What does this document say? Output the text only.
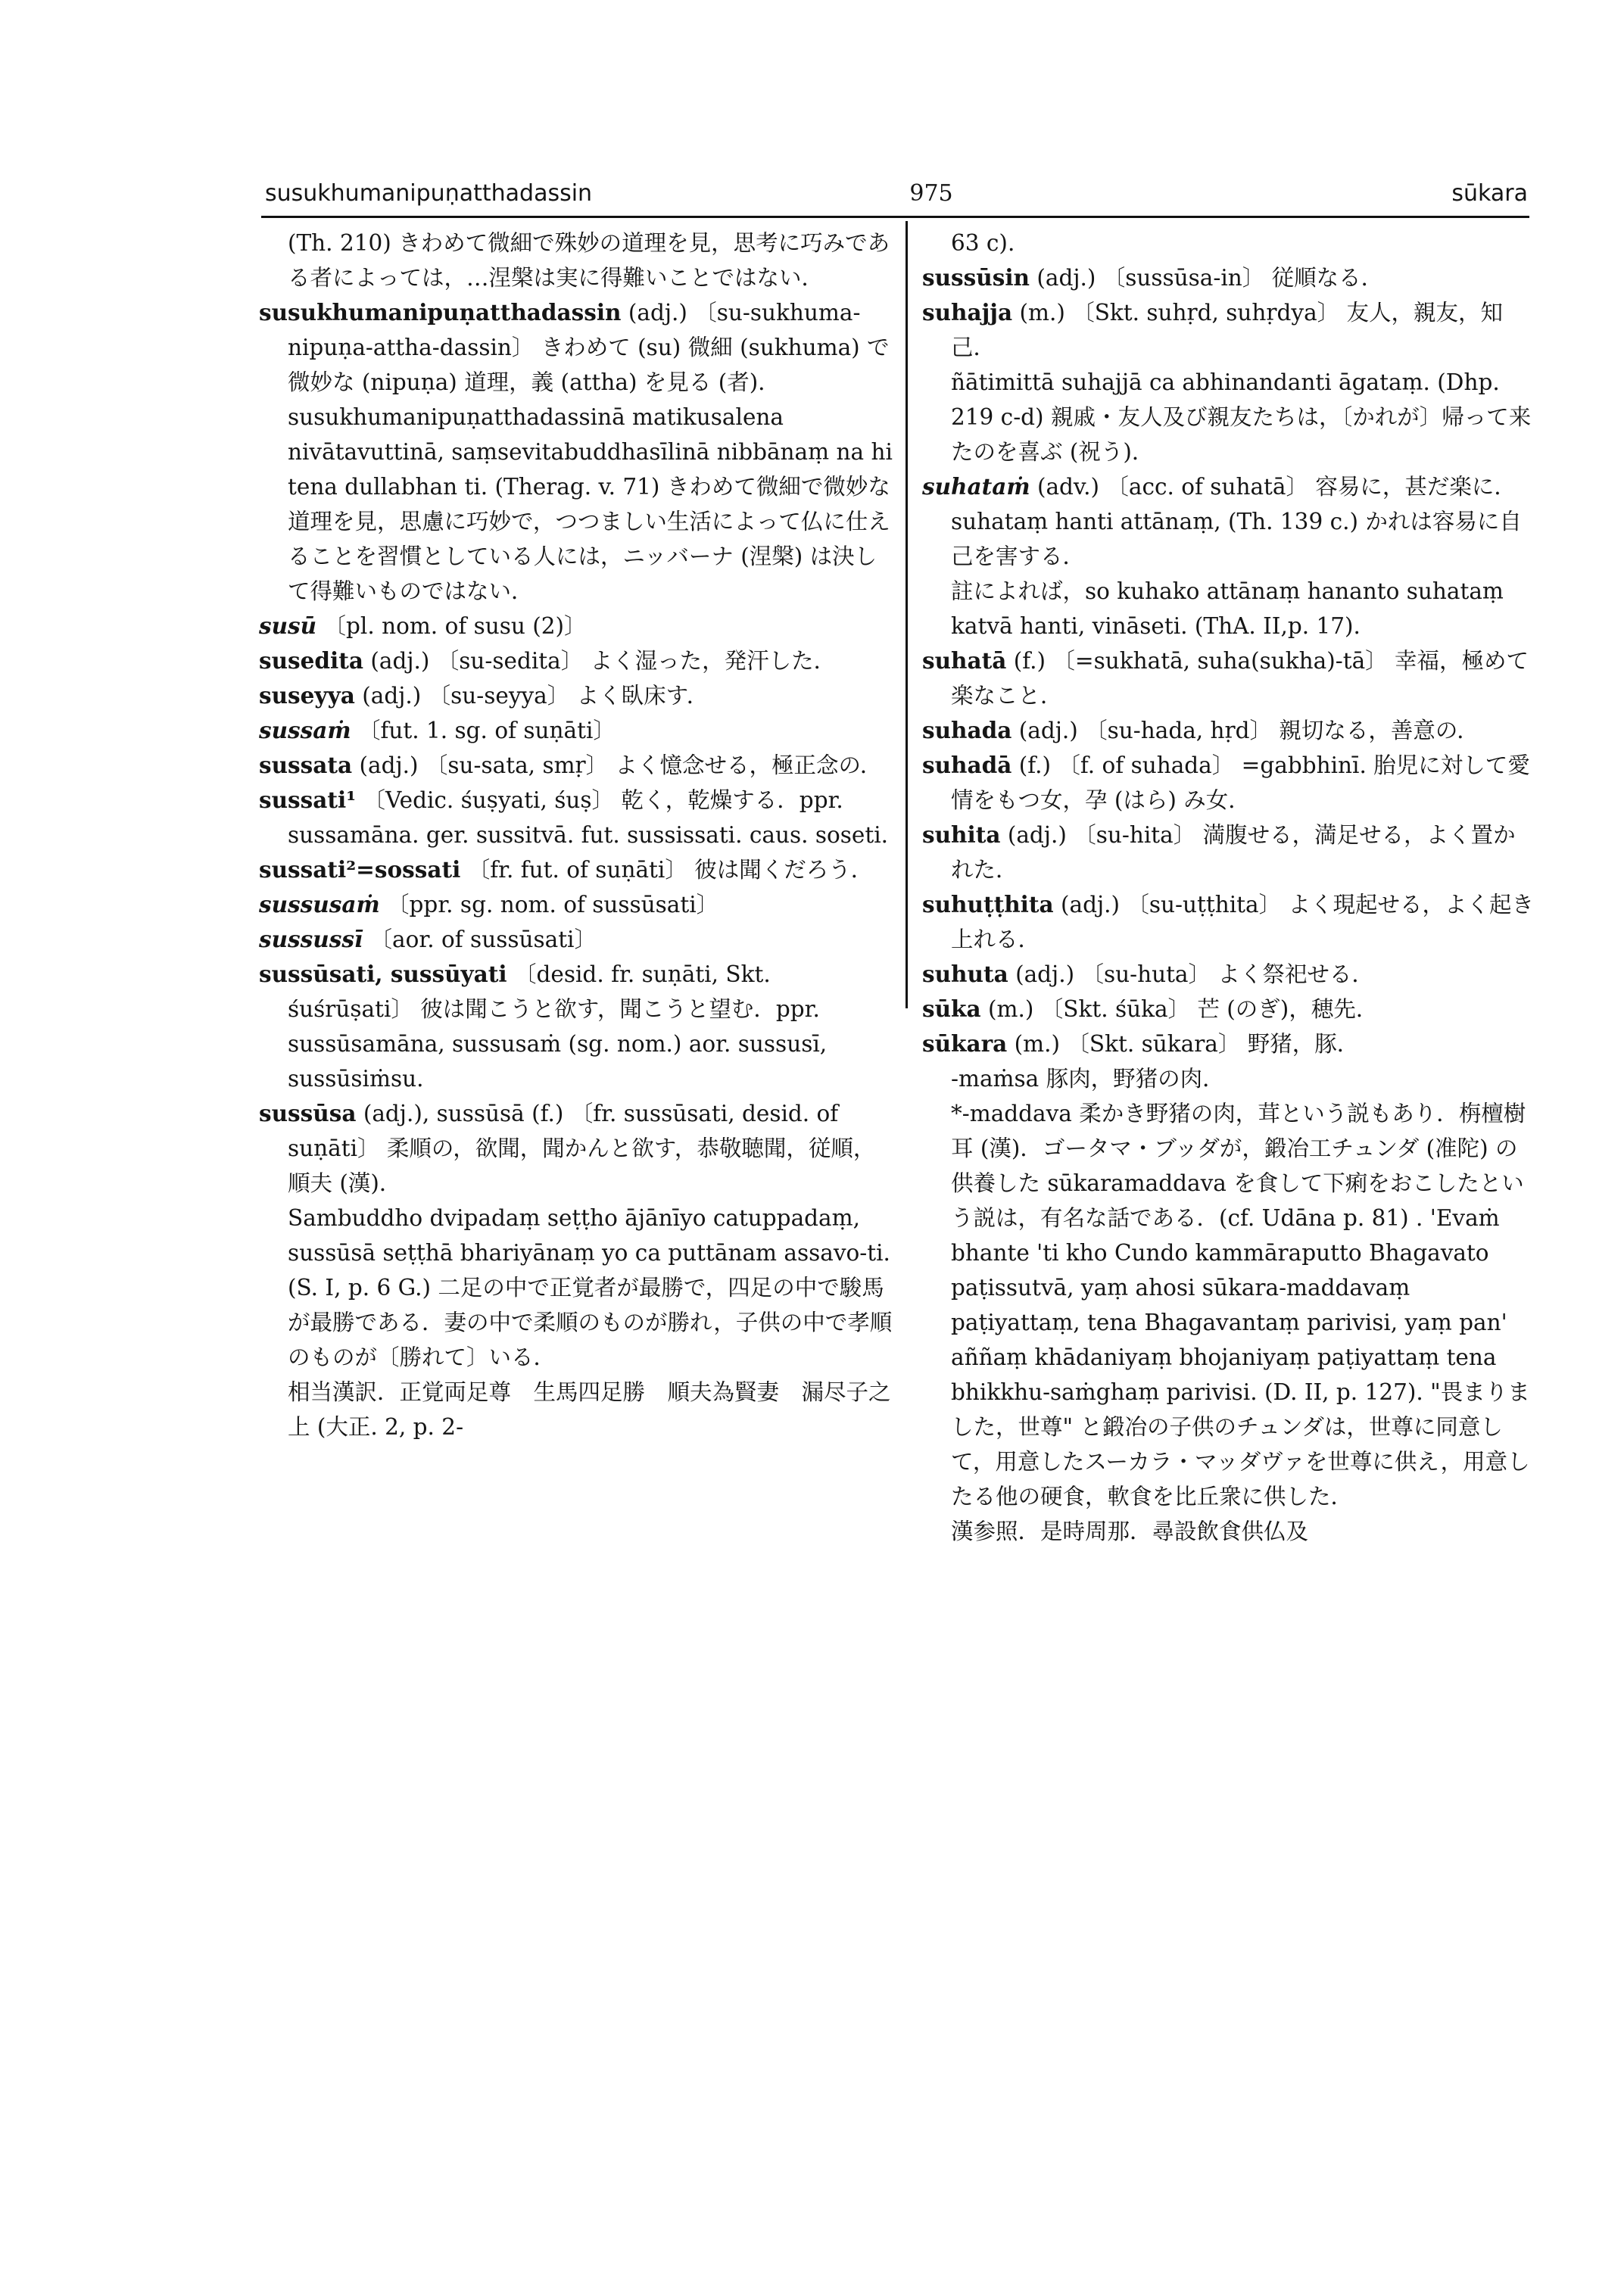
susukhumanipuṇatthadassin	975	sūkara

(Th. 210) きわめて微細で殊妙の道理を見，思考に巧みである者によっては，…涅槃は実に得難いことではない．

susukhumanipuṇatthadassin (adj.) 〔su-sukhuma-nipuṇa-attha-dassin〕 きわめて (su) 微細 (sukhuma) で微妙な (nipuṇa) 道理，義 (attha) を見る (者)．

susukhumanipuṇatthadassinā matikusalena nivātavuttinā, saṃsevitabuddhasīlinā nibbānaṃ na hi tena dullabhan ti. (Therag. v. 71) きわめて微細で微妙な道理を見，思慮に巧妙で，つつましい生活によって仏に仕えることを習慣としている人には，ニッバーナ (涅槃) は決して得難いものではない．

susū 〔pl. nom. of susu (2)〕

susedita (adj.) 〔su-sedita〕 よく湿った，発汗した．

suseyya (adj.) 〔su-seyya〕 よく臥床す．

sussaṁ 〔fut. 1. sg. of suṇāti〕

sussata (adj.) 〔su-sata, smṛ〕 よく憶念せる，極正念の．

sussati¹ 〔Vedic. śuṣyati, śuṣ〕 乾く，乾燥する．ppr. sussamāna. ger. sussitvā. fut. sussissati. caus. soseti.

sussati²=sossati 〔fr. fut. of suṇāti〕 彼は聞くだろう．

sussusaṁ 〔ppr. sg. nom. of sussūsati〕

sussussī 〔aor. of sussūsati〕

sussūsati, sussūyati 〔desid. fr. suṇāti, Skt. śuśrūṣati〕 彼は聞こうと欲す，聞こうと望む．ppr. sussūsamāna, sussusaṁ (sg. nom.) aor. sussusī, sussūsiṁsu.

sussūsa (adj.), sussūsā (f.) 〔fr. sussūsati, desid. of suṇāti〕 柔順の，欲聞，聞かんと欲す，恭敬聴聞，従順，順夫 (漢)．

Sambuddho dvipadaṃ seṭṭho ājānīyo catuppadaṃ, sussūsā seṭṭhā bhariyānaṃ yo ca puttānam assavo-ti. (S. I, p. 6 G.) 二足の中で正覚者が最勝で，四足の中で駿馬が最勝である．妻の中で柔順のものが勝れ，子供の中で孝順のものが〔勝れて〕いる．

相当漢訳．正覚両足尊　生馬四足勝　順夫為賢妻　漏尽子之上 (大正. 2, p. 2-

63 c).

sussūsin (adj.) 〔sussūsa-in〕 従順なる．

suhajja (m.) 〔Skt. suhṛd, suhṛdya〕 友人，親友，知己．

ñātimittā suhajjā ca abhinandanti āgataṃ. (Dhp. 219 c-d) 親戚・友人及び親友たちは，〔かれが〕帰って来たのを喜ぶ (祝う)．

suhataṁ (adv.) 〔acc. of suhatā〕 容易に，甚だ楽に．

suhataṃ hanti attānaṃ, (Th. 139 c.) かれは容易に自己を害する．

註によれば，so kuhako attānaṃ hananto suhataṃ katvā hanti, vināseti. (ThA. II,p. 17).

suhatā (f.) 〔=sukhatā, suha(sukha)-tā〕 幸福，極めて楽なこと．

suhada (adj.) 〔su-hada, hṛd〕 親切なる，善意の．

suhadā (f.) 〔f. of suhada〕 =gabbhinī. 胎児に対して愛情をもつ女，孕 (はら) み女．

suhita (adj.) 〔su-hita〕 満腹せる，満足せる，よく置かれた．

suhuṭṭhita (adj.) 〔su-uṭṭhita〕 よく現起せる，よく起き上れる．

suhuta (adj.) 〔su-huta〕 よく祭祀せる．

sūka (m.) 〔Skt. śūka〕 芒 (のぎ)，穂先．

sūkara (m.) 〔Skt. sūkara〕 野猪，豚．

-maṁsa 豚肉，野猪の肉．

*-maddava 柔かき野猪の肉，茸という説もあり．栴檀樹耳 (漢)．ゴータマ・ブッダが，鍛冶工チュンダ (准陀) の供養した sūkaramaddava を食して下痢をおこしたという説は，有名な話である．(cf. Udāna p. 81) . 'Evaṁ bhante 'ti kho Cundo kammāraputto Bhagavato paṭissutvā, yaṃ ahosi sūkara-maddavaṃ paṭiyattaṃ, tena Bhagavantaṃ parivisi, yaṃ pan' aññaṃ khādaniyaṃ bhojaniyaṃ paṭiyattaṃ tena bhikkhu-saṁghaṃ parivisi. (D. II, p. 127). "畏まりました，世尊" と鍛冶の子供のチュンダは，世尊に同意して，用意したスーカラ・マッダヴァを世尊に供え，用意したる他の硬食，軟食を比丘衆に供した．

漢参照．是時周那．尋設飲食供仏及
